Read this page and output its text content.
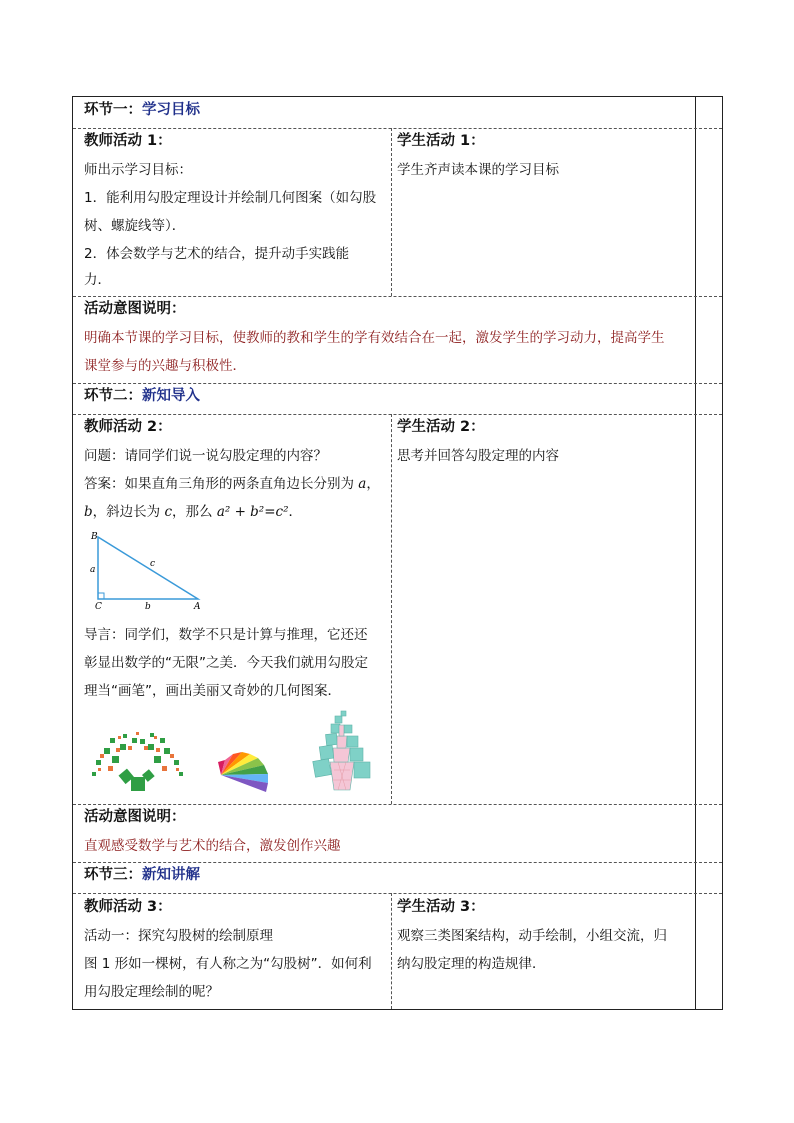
环节一：学习目标
教师活动 1：
师出示学习目标：
1．能利用勾股定理设计并绘制几何图案（如勾股
树、螺旋线等）．
2．体会数学与艺术的结合，提升动手实践能
力．
学生活动 1：
学生齐声读本课的学习目标
活动意图说明：
明确本节课的学习目标，使教师的教和学生的学有效结合在一起，激发学生的学习动力，提高学生
课堂参与的兴趣与积极性．
环节二：新知导入
教师活动 2：
问题：请同学们说一说勾股定理的内容？
答案：如果直角三角形的两条直角边长分别为 a，
b，斜边长为 c，那么 a² + b²=c²．
B
C	A
a
b
c
导言：同学们，数学不只是计算与推理，它还还
彰显出数学的“无限”之美．今天我们就用勾股定
理当“画笔”，画出美丽又奇妙的几何图案．
学生活动 2：
思考并回答勾股定理的内容
活动意图说明：
直观感受数学与艺术的结合，激发创作兴趣
环节三：新知讲解
教师活动 3：
活动一：探究勾股树的绘制原理
图 1 形如一棵树，有人称之为“勾股树”．如何利
用勾股定理绘制的呢？
学生活动 3：
观察三类图案结构，动手绘制，小组交流，归
纳勾股定理的构造规律．
